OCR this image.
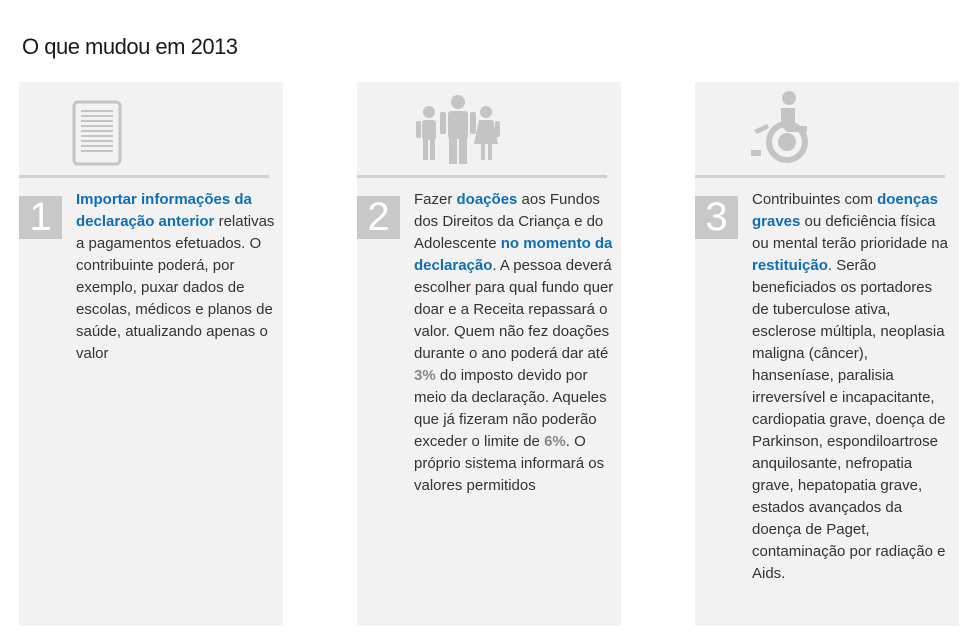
O que mudou em 2013
1	Importar informações da declaração anterior relativas a pagamentos efetuados. O contribuinte poderá, por exemplo, puxar dados de escolas, médicos e planos de saúde, atualizando apenas o valor
2	Fazer doações aos Fundos dos Direitos da Criança e do Adolescente no momento da declaração. A pessoa deverá escolher para qual fundo quer doar e a Receita repassará o valor. Quem não fez doações durante o ano poderá dar até 3% do imposto devido por meio da declaração. Aqueles que já fizeram não poderão exceder o limite de 6%. O próprio sistema informará os valores permitidos
3	Contribuintes com doenças graves ou deficiência física ou mental terão prioridade na restituição. Serão beneficiados os portadores de tuberculose ativa, esclerose múltipla, neoplasia maligna (câncer), hanseníase, paralisia irreversível e incapacitante, cardiopatia grave, doença de Parkinson, espondiloartrose anquilosante, nefropatia grave, hepatopatia grave, estados avançados da doença de Paget, contaminação por radiação e Aids.
